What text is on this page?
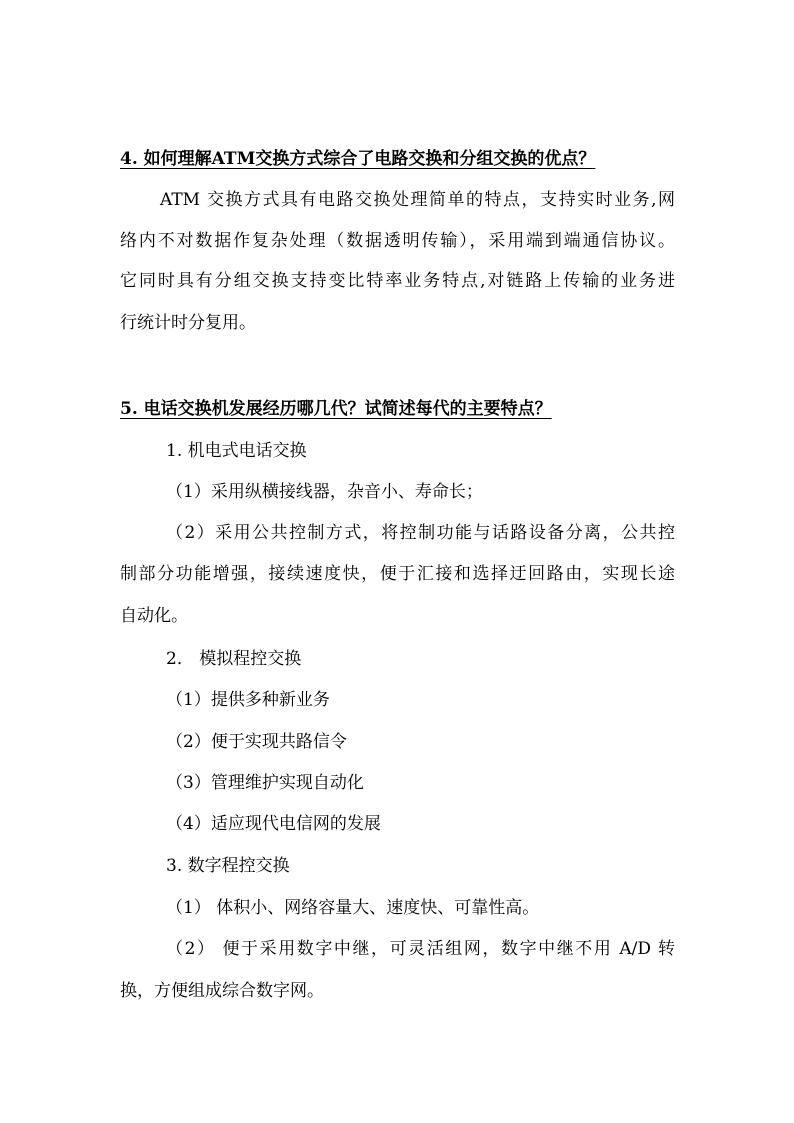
4. 如何理解ATM交换方式综合了电路交换和分组交换的优点？
ATM 交换方式具有电路交换处理简单的特点，支持实时业务,网
络内不对数据作复杂处理（数据透明传输），采用端到端通信协议。
它同时具有分组交换支持变比特率业务特点,对链路上传输的业务进
行统计时分复用。
5. 电话交换机发展经历哪几代？试简述每代的主要特点？
1. 机电式电话交换
（1）采用纵横接线器，杂音小、寿命长；
（2）采用公共控制方式，将控制功能与话路设备分离，公共控
制部分功能增强，接续速度快，便于汇接和选择迂回路由，实现长途
自动化。
2． 模拟程控交换
（1）提供多种新业务
（2）便于实现共路信令
（3）管理维护实现自动化
（4）适应现代电信网的发展
3. 数字程控交换
（1） 体积小、网络容量大、速度快、可靠性高。
（2） 便于采用数字中继，可灵活组网，数字中继不用 A/D 转
换，方便组成综合数字网。
